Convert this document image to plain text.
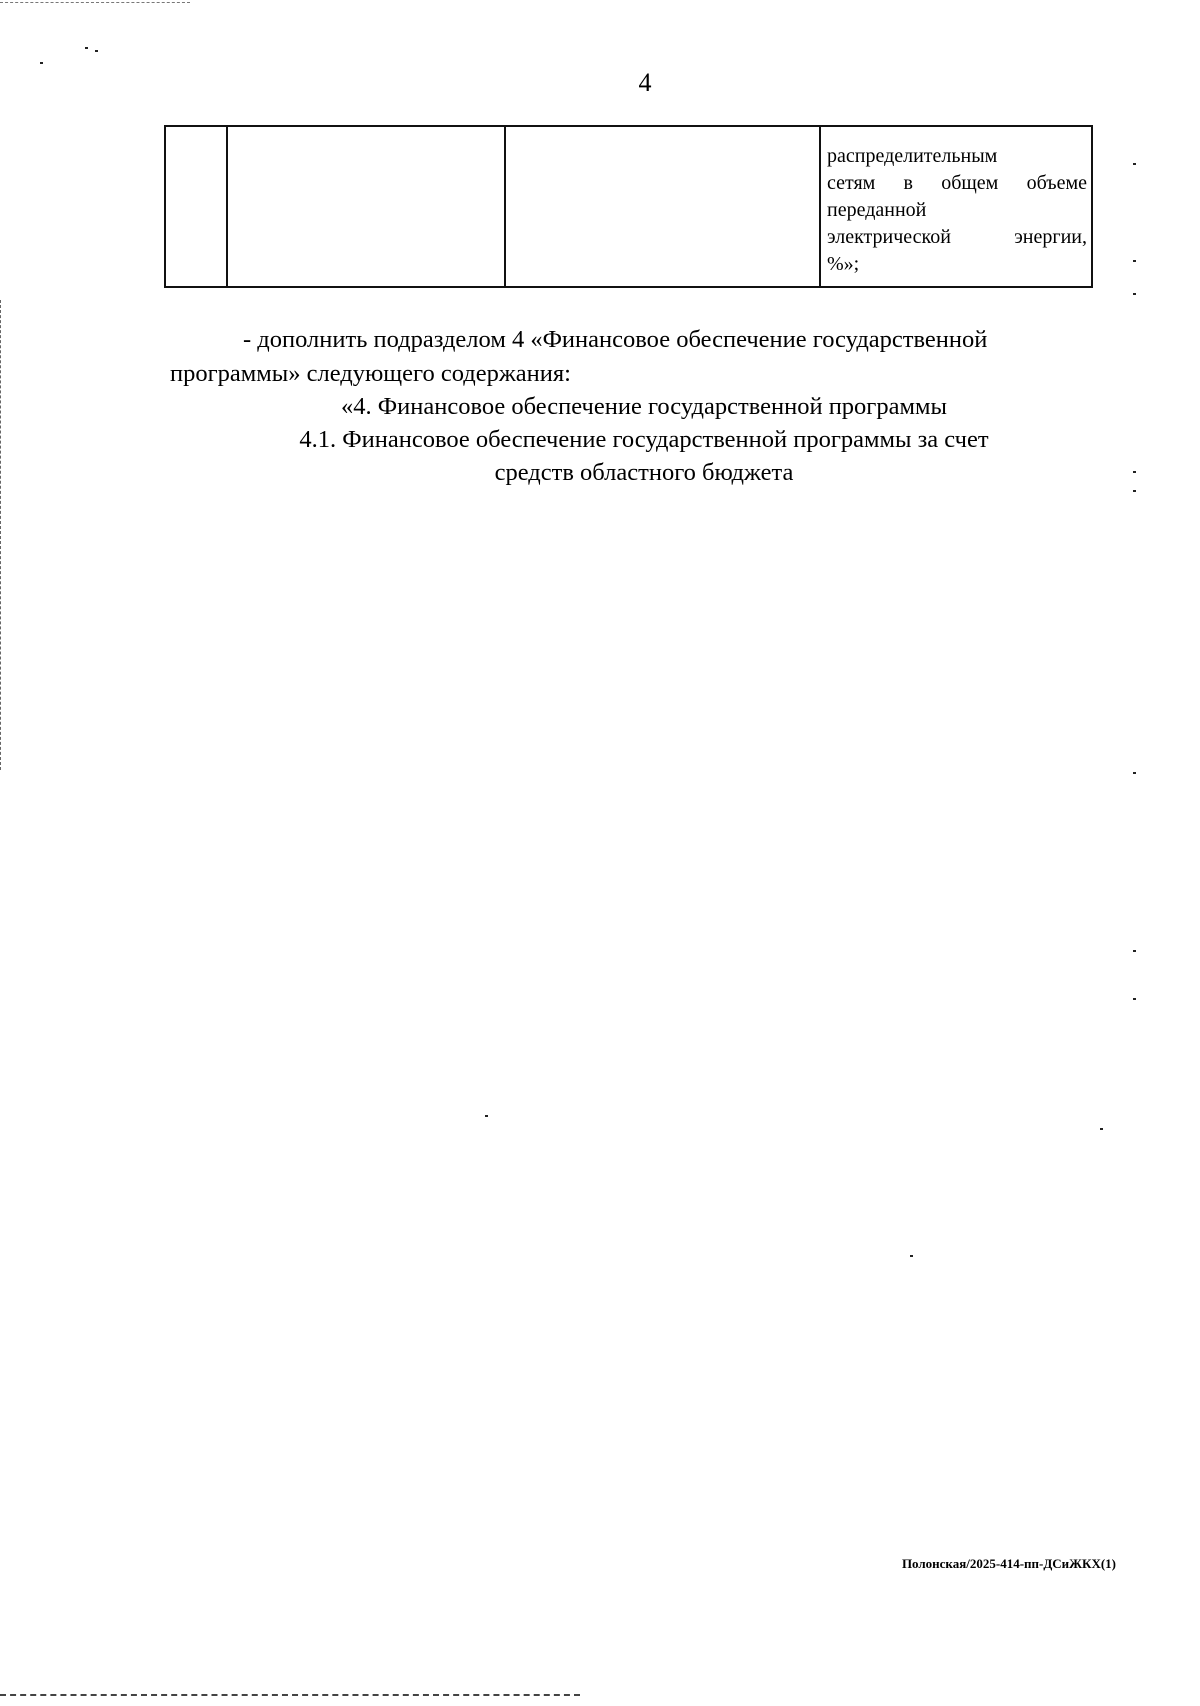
4

распределительным
сетям в общем объеме
переданной
электрической энергии,
%»;
- дополнить подразделом 4 «Финансовое обеспечение государственной
программы» следующего содержания:
«4. Финансовое обеспечение государственной программы
4.1. Финансовое обеспечение государственной программы за счет
средств областного бюджета
Полонская/2025-414-пп-ДСиЖКХ(1)
